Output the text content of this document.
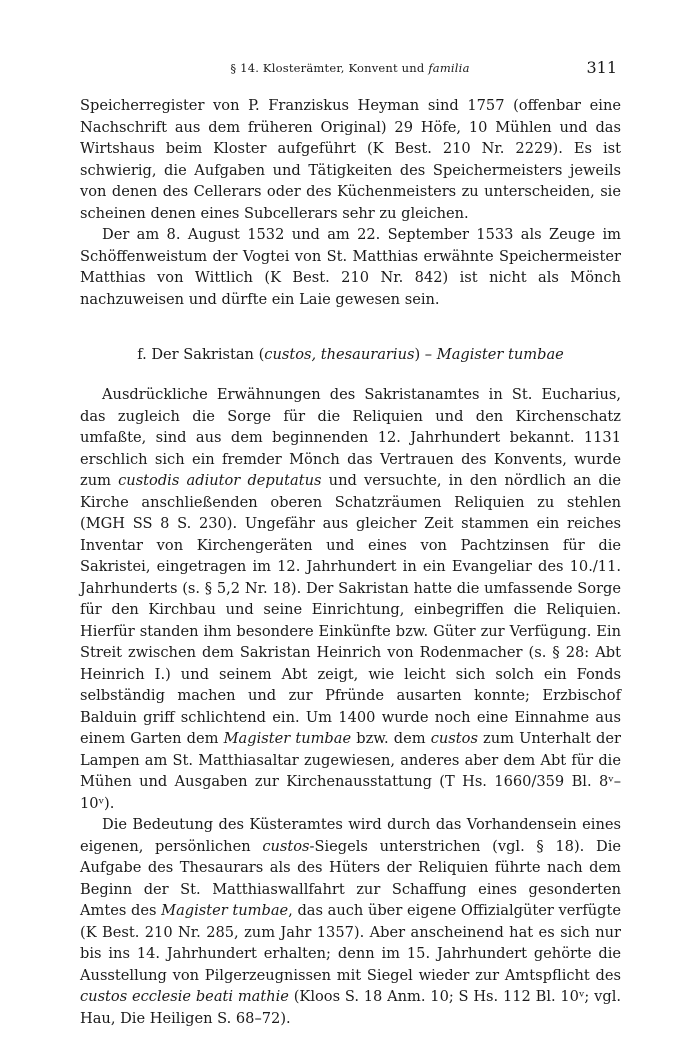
§ 14. Klosterämter, Konvent und familia	311

Speicherregister von P. Franziskus Heyman sind 1757 (offenbar eine Nachschrift aus dem früheren Original) 29 Höfe, 10 Mühlen und das Wirtshaus beim Kloster aufgeführt (K Best. 210 Nr. 2229). Es ist schwierig, die Aufgaben und Tätigkeiten des Speichermeisters jeweils von denen des Cellerars oder des Küchenmeisters zu unterscheiden, sie scheinen denen eines Subcellerars sehr zu gleichen.

Der am 8. August 1532 und am 22. September 1533 als Zeuge im Schöffenweistum der Vogtei von St. Matthias erwähnte Speichermeister Matthias von Wittlich (K Best. 210 Nr. 842) ist nicht als Mönch nachzuweisen und dürfte ein Laie gewesen sein.

f. Der Sakristan (custos, thesaurarius) – Magister tumbae

Ausdrückliche Erwähnungen des Sakristanamtes in St. Eucharius, das zugleich die Sorge für die Reliquien und den Kirchenschatz umfaßte, sind aus dem beginnenden 12. Jahrhundert bekannt. 1131 erschlich sich ein fremder Mönch das Vertrauen des Konvents, wurde zum custodis adiutor deputatus und versuchte, in den nördlich an die Kirche anschließenden oberen Schatzräumen Reliquien zu stehlen (MGH SS 8 S. 230). Ungefähr aus gleicher Zeit stammen ein reiches Inventar von Kirchengeräten und eines von Pachtzinsen für die Sakristei, eingetragen im 12. Jahrhundert in ein Evangeliar des 10./11. Jahrhunderts (s. § 5,2 Nr. 18). Der Sakristan hatte die umfassende Sorge für den Kirchbau und seine Einrichtung, einbegriffen die Reliquien. Hierfür standen ihm besondere Einkünfte bzw. Güter zur Verfügung. Ein Streit zwischen dem Sakristan Heinrich von Rodenmacher (s. § 28: Abt Heinrich I.) und seinem Abt zeigt, wie leicht sich solch ein Fonds selbständig machen und zur Pfründe ausarten konnte; Erzbischof Balduin griff schlichtend ein. Um 1400 wurde noch eine Einnahme aus einem Garten dem Magister tumbae bzw. dem custos zum Unterhalt der Lampen am St. Matthiasaltar zugewiesen, anderes aber dem Abt für die Mühen und Ausgaben zur Kirchenausstattung (T Hs. 1660/359 Bl. 8ᵛ–10ᵛ).

Die Bedeutung des Küsteramtes wird durch das Vorhandensein eines eigenen, persönlichen custos-Siegels unterstrichen (vgl. § 18). Die Aufgabe des Thesaurars als des Hüters der Reliquien führte nach dem Beginn der St. Matthiaswallfahrt zur Schaffung eines gesonderten Amtes des Magister tumbae, das auch über eigene Offizialgüter verfügte (K Best. 210 Nr. 285, zum Jahr 1357). Aber anscheinend hat es sich nur bis ins 14. Jahrhundert erhalten; denn im 15. Jahrhundert gehörte die Ausstellung von Pilgerzeugnissen mit Siegel wieder zur Amtspflicht des custos ecclesie beati mathie (Kloos S. 18 Anm. 10; S Hs. 112 Bl. 10ᵛ; vgl. Hau, Die Heiligen S. 68–72).
